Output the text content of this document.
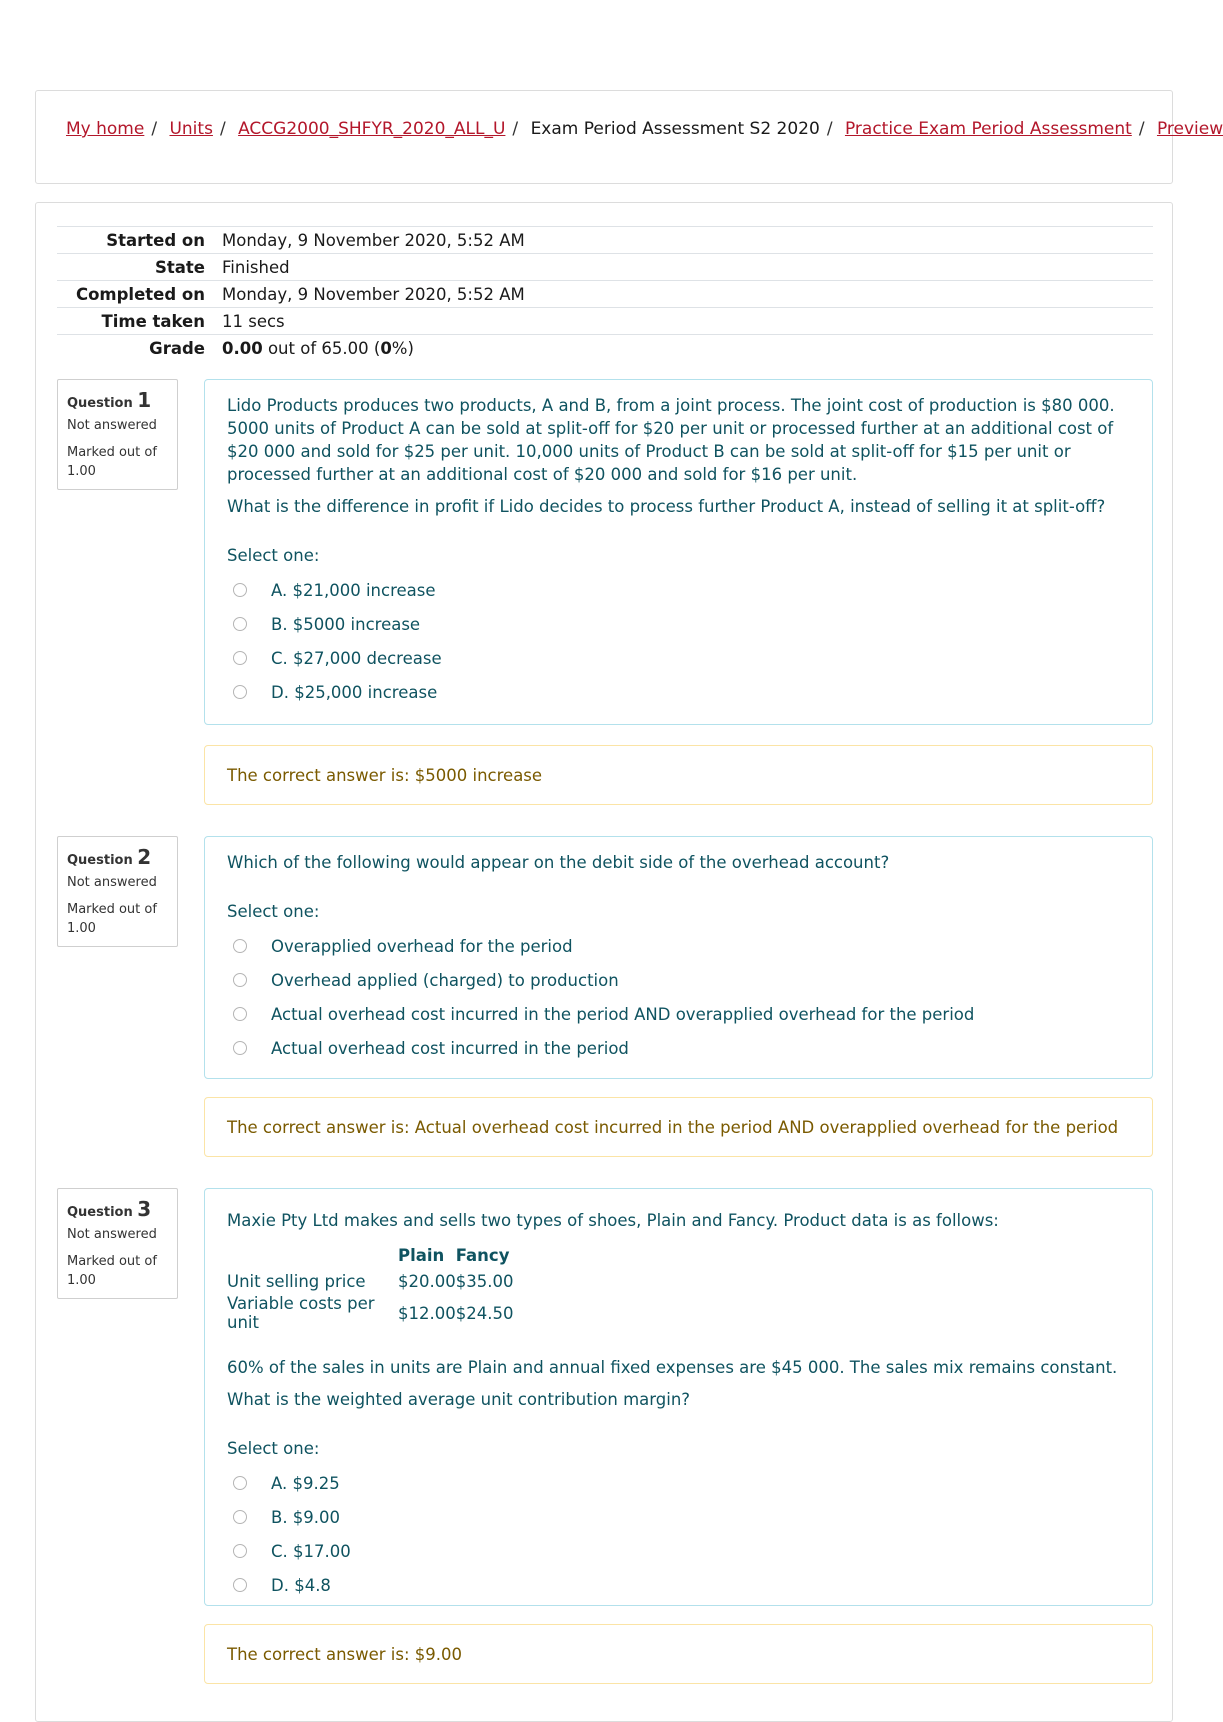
My home / Units / ACCG2000_SHFYR_2020_ALL_U / Exam Period Assessment S2 2020 / Practice Exam Period Assessment / Preview
Started on	Monday, 9 November 2020, 5:52 AM
State	Finished
Completed on	Monday, 9 November 2020, 5:52 AM
Time taken	11 secs
Grade	0.00 out of 65.00 (0%)
Question 1
Not answered
Marked out of 1.00

Lido Products produces two products, A and B, from a joint process. The joint cost of production is $80 000. 5000 units of Product A can be sold at split-off for $20 per unit or processed further at an additional cost of $20 000 and sold for $25 per unit. 10,000 units of Product B can be sold at split-off for $15 per unit or processed further at an additional cost of $20 000 and sold for $16 per unit.

What is the difference in profit if Lido decides to process further Product A, instead of selling it at split-off?

Select one:

A. $21,000 increase
B. $5000 increase
C. $27,000 decrease
D. $25,000 increase
The correct answer is: $5000 increase
Question 2
Not answered
Marked out of 1.00

Which of the following would appear on the debit side of the overhead account?

Select one:

Overapplied overhead for the period
Overhead applied (charged) to production
Actual overhead cost incurred in the period AND overapplied overhead for the period
Actual overhead cost incurred in the period
The correct answer is: Actual overhead cost incurred in the period AND overapplied overhead for the period
Question 3
Not answered
Marked out of 1.00

Maxie Pty Ltd makes and sells two types of shoes, Plain and Fancy. Product data is as follows:

	Plain	Fancy
Unit selling price	$20.00	$35.00
Variable costs per unit	$12.00	$24.50

60% of the sales in units are Plain and annual fixed expenses are $45 000. The sales mix remains constant.

What is the weighted average unit contribution margin?

Select one:

A. $9.25
B. $9.00
C. $17.00
D. $4.8
The correct answer is: $9.00
